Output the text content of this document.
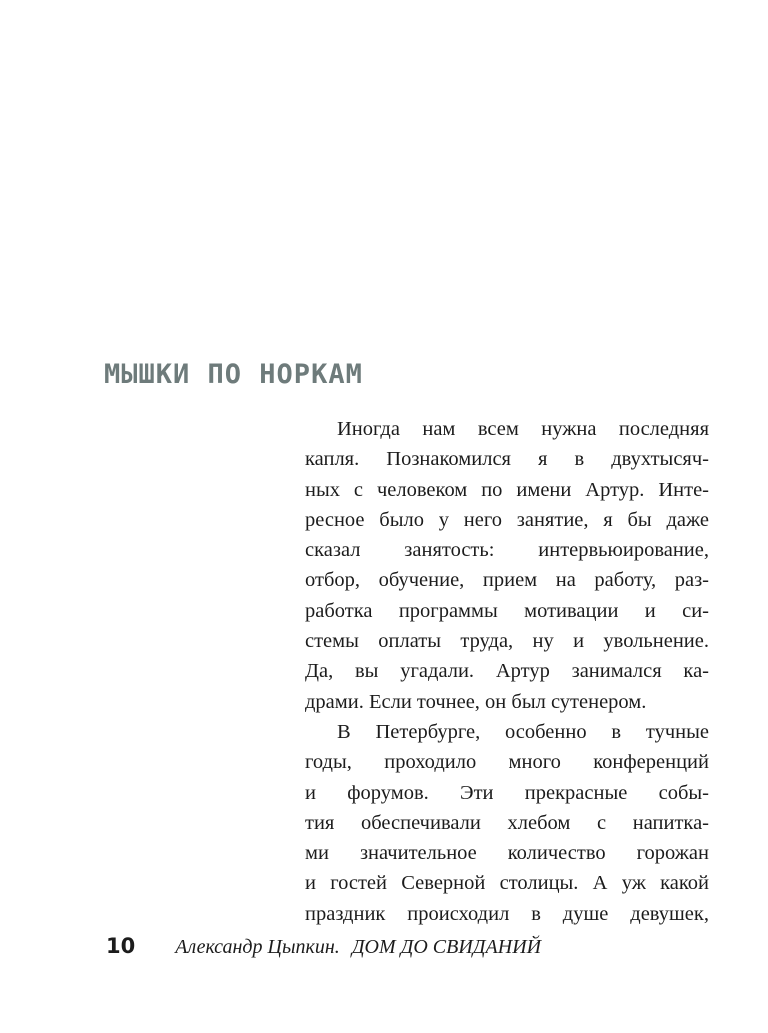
МЫШКИ ПО НОРКАМ
Иногда нам всем нужна последняя
капля. Познакомился я в двухтысяч-
ных с человеком по имени Артур. Инте-
ресное было у него занятие, я бы даже
сказал занятость: интервьюирование,
отбор, обучение, прием на работу, раз-
работка программы мотивации и си-
стемы оплаты труда, ну и увольнение.
Да, вы угадали. Артур занимался ка-
драми. Если точнее, он был сутенером.
В Петербурге, особенно в тучные
годы, проходило много конференций
и форумов. Эти прекрасные собы-
тия обеспечивали хлебом с напитка-
ми значительное количество горожан
и гостей Северной столицы. А уж какой
праздник происходил в душе девушек,
10 Александр Цыпкин. ДОМ ДО СВИДАНИЙ
